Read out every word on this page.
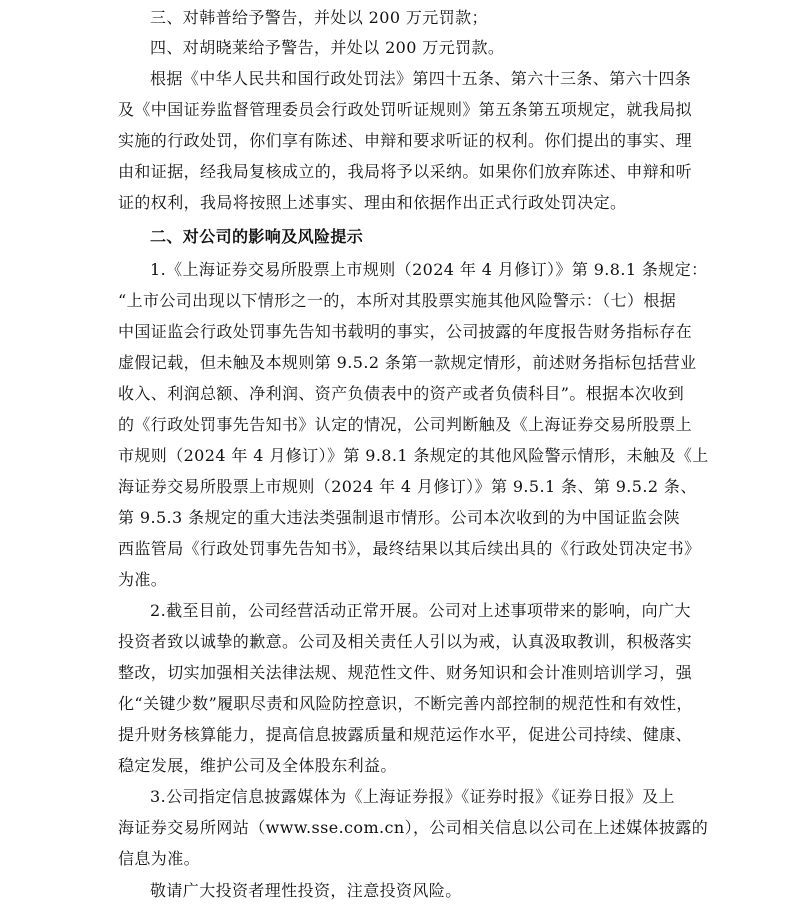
三、对韩普给予警告，并处以 200 万元罚款；
四、对胡晓莱给予警告，并处以 200 万元罚款。
根据《中华人民共和国行政处罚法》第四十五条、第六十三条、第六十四条
及《中国证券监督管理委员会行政处罚听证规则》第五条第五项规定，就我局拟
实施的行政处罚，你们享有陈述、申辩和要求听证的权利。你们提出的事实、理
由和证据，经我局复核成立的，我局将予以采纳。如果你们放弃陈述、申辩和听
证的权利，我局将按照上述事实、理由和依据作出正式行政处罚决定。
二、对公司的影响及风险提示
1.《上海证券交易所股票上市规则（2024 年 4 月修订）》第 9.8.1 条规定：
“上市公司出现以下情形之一的，本所对其股票实施其他风险警示：（七）根据
中国证监会行政处罚事先告知书载明的事实，公司披露的年度报告财务指标存在
虚假记载，但未触及本规则第 9.5.2 条第一款规定情形，前述财务指标包括营业
收入、利润总额、净利润、资产负债表中的资产或者负债科目”。根据本次收到
的《行政处罚事先告知书》认定的情况，公司判断触及《上海证券交易所股票上
市规则（2024 年 4 月修订）》第 9.8.1 条规定的其他风险警示情形，未触及《上
海证券交易所股票上市规则（2024 年 4 月修订）》第 9.5.1 条、第 9.5.2 条、
第 9.5.3 条规定的重大违法类强制退市情形。公司本次收到的为中国证监会陕
西监管局《行政处罚事先告知书》，最终结果以其后续出具的《行政处罚决定书》
为准。
2.截至目前，公司经营活动正常开展。公司对上述事项带来的影响，向广大
投资者致以诚挚的歉意。公司及相关责任人引以为戒，认真汲取教训，积极落实
整改，切实加强相关法律法规、规范性文件、财务知识和会计准则培训学习，强
化“关键少数”履职尽责和风险防控意识，不断完善内部控制的规范性和有效性，
提升财务核算能力，提高信息披露质量和规范运作水平，促进公司持续、健康、
稳定发展，维护公司及全体股东利益。
3.公司指定信息披露媒体为《上海证券报》《证券时报》《证券日报》及上
海证券交易所网站（www.sse.com.cn），公司相关信息以公司在上述媒体披露的
信息为准。
敬请广大投资者理性投资，注意投资风险。
